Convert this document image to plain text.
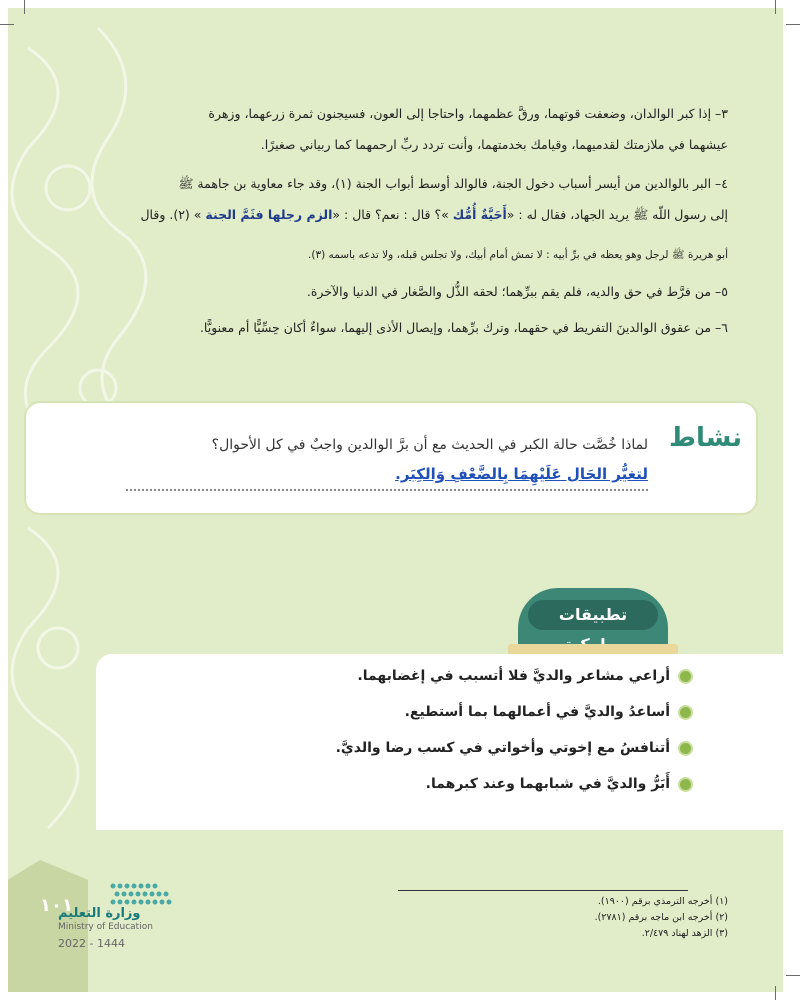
٣– إذا كبر الوالدان، وضعفت قوتهما، ورقَّ عظمهما، واحتاجا إلى العون، فسيجنون ثمرة زرعهما، وزهرة
عيشهما في ملازمتك لقدميهما، وقيامك بخدمتهما، وأنت تردد ربِّ ارحمهما كما ربياني صغيرًا.
٤– البر بالوالدين من أيسر أسباب دخول الجنة، فالوالد أوسط أبواب الجنة (١)، وقد جاء معاوية بن جاهمة ﷺ
إلى رسول اللّه ﷺ يريد الجهاد، فقال له : «أَحَيَّةٌ أُمُّك »؟ قال : نعم؟ قال : «الزم رجلها فثَمَّ الجنة » (٢). وقال
أبو هريرة ﷺ لرجل وهو يعظه في برِّ أبيه : لا تمش أمام أبيك، ولا تجلس قبله، ولا تدعه باسمه (٣).
٥– من فرَّط في حق والديه، فلم يقم ببرِّهما؛ لحقه الذُّل والصَّغار في الدنيا والآخرة.
٦– من عقوق الوالدينَ التفريط في حقهما، وترك برِّهما، وإيصال الأذى إليهما، سواءٌ أكان حِسِّيًّا أم معنويًّا.
نشاط
لماذا خُصَّت حالة الكبر في الحديث مع أن برَّ الوالدين واجبٌ في كل الأحوال؟
لتغيُّر الحَال عَلَيْهِمَا بِالضَّعْفِ وَالكِبَر.
تطبيقات
أراعي مشاعر والديَّ فلا أتسبب في إغضابهما.
أساعدُ والديَّ في أعمالهما بما أستطيع.
أتنافسُ مع إخوتي وأخواتي في كسب رضا والديَّ.
أَبَرُّ والديَّ في شبابهما وعند كبرهما.
(١) أخرجه الترمذي برقم (١٩٠٠).
(٢) أخرجه ابن ماجه برقم (٢٧٨١).
(٣) الزهد لهناد ٢/٤٧٩.
١٠١
وزارة التعليم
Ministry of Education
2022 - 1444
